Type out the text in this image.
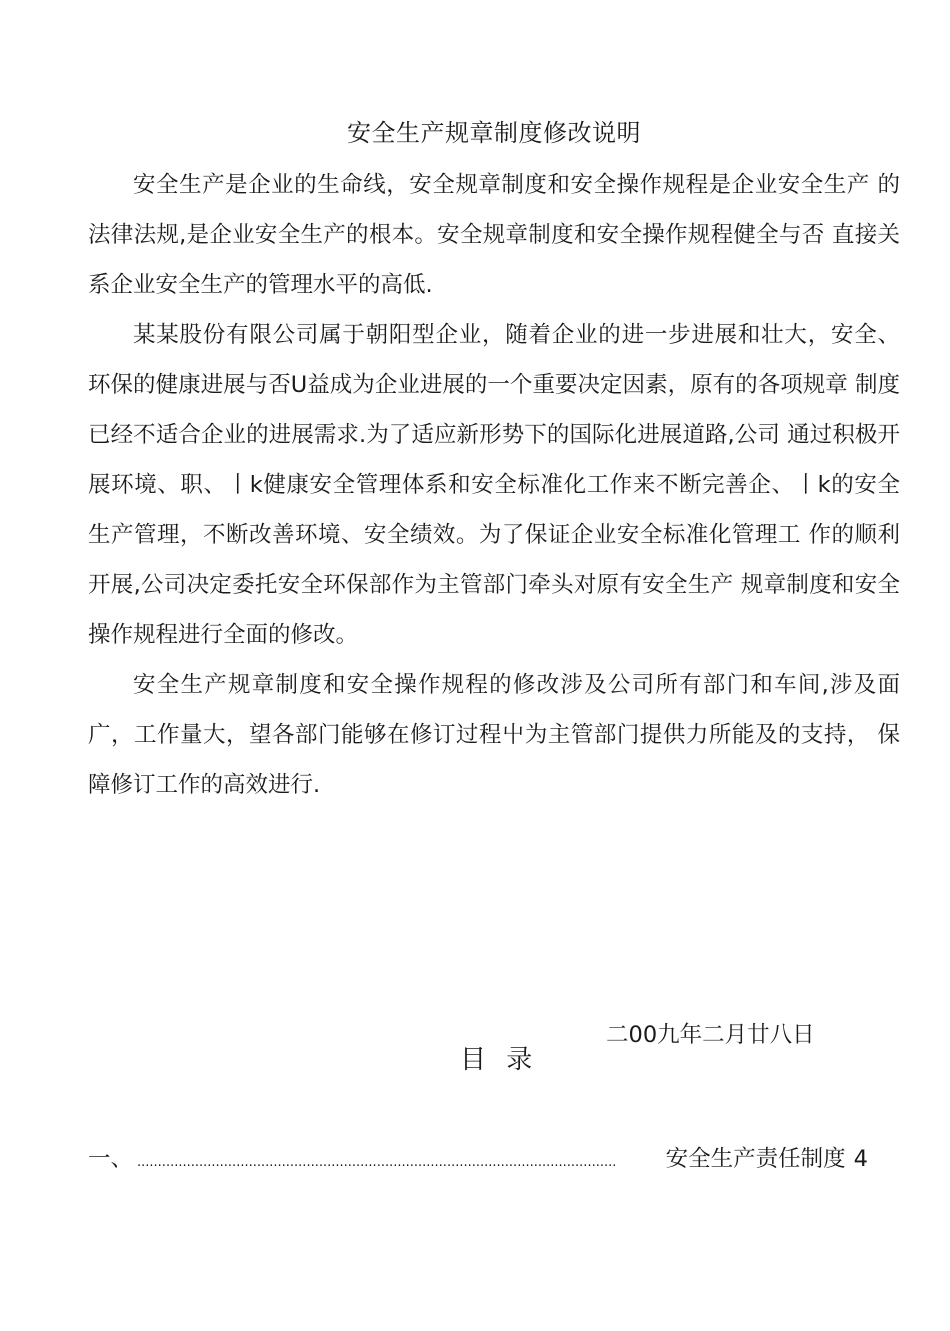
安全生产规章制度修改说明

安全生产是企业的生命线，安全规章制度和安全操作规程是企业安全生产 的法律法规,是企业安全生产的根本。安全规章制度和安全操作规程健全与否 直接关系企业安全生产的管理水平的高低.

某某股份有限公司属于朝阳型企业，随着企业的进一步进展和壮大，安全、 环保的健康进展与否U益成为企业进展的一个重要决定因素，原有的各项规章 制度已经不适合企业的进展需求.为了适应新形势下的国际化进展道路,公司 通过积极开展环境、职、丨k健康安全管理体系和安全标准化工作来不断完善企、丨k的安全生产管理，不断改善环境、安全绩效。为了保证企业安全标准化管理工 作的顺利开展,公司决定委托安全环保部作为主管部门牵头对原有安全生产 规章制度和安全操作规程进行全面的修改。

安全生产规章制度和安全操作规程的修改涉及公司所有部门和车间,涉及面广，工作量大，望各部门能够在修订过程屮为主管部门提供力所能及的支持， 保障修订工作的高效进行.

二00九年二月廿八日
目 录
一、 ....................................................................................................................	安全生产责任制度 4
